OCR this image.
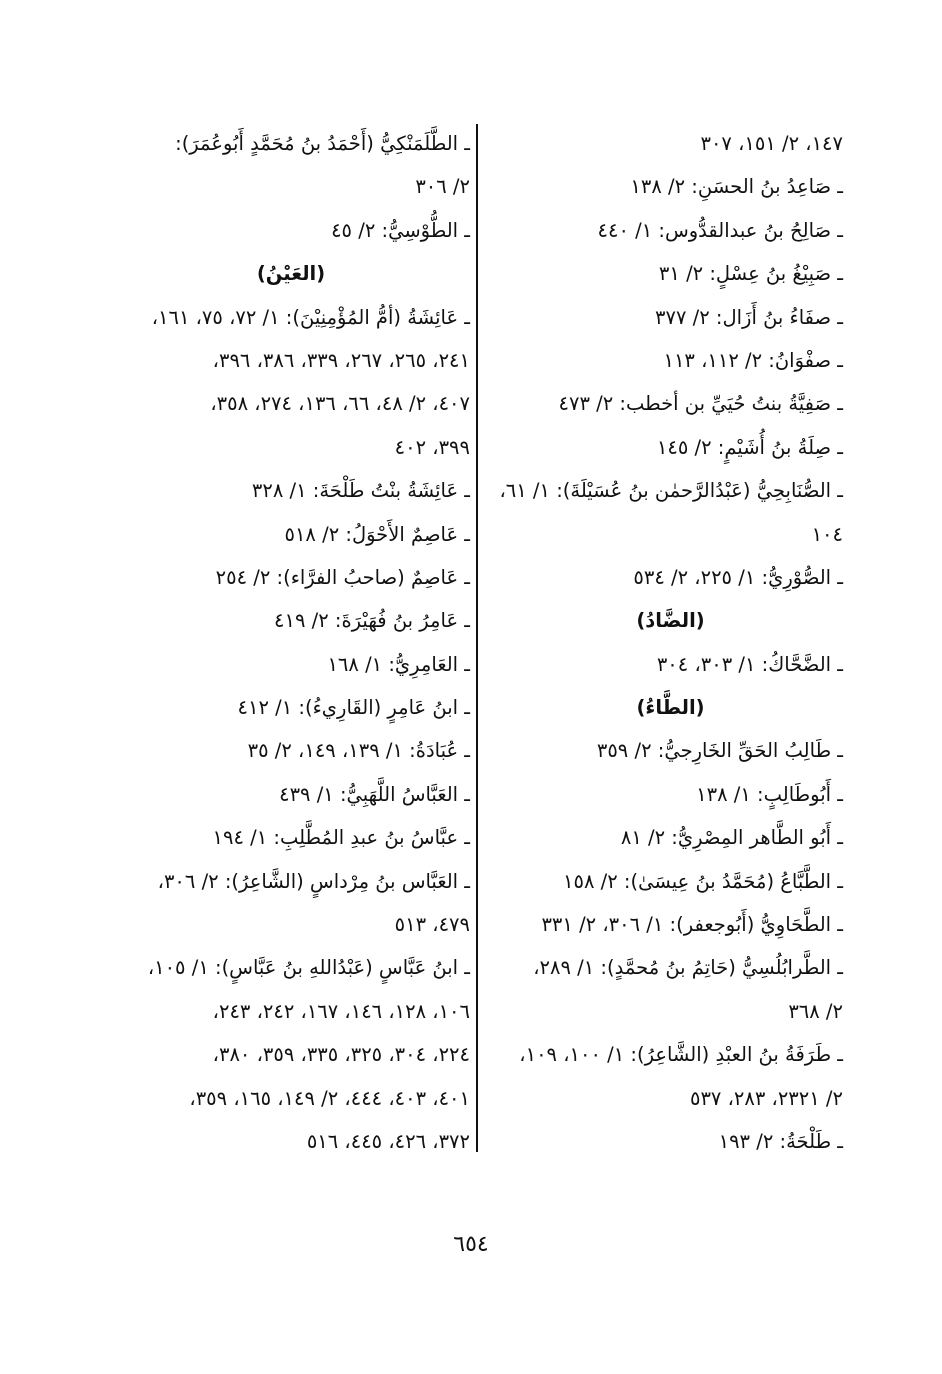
١٤٧، ٢/ ١٥١، ٣٠٧
ـ صَاعِدُ بنُ الحسَنِ: ٢/ ١٣٨
ـ صَالِحُ بنُ عبدالقدُّوس: ١/ ٤٤٠
ـ صَبِيْغُ بنُ عِسْلٍ: ٢/ ٣١
ـ صفَاءُ بنُ أَزَال: ٢/ ٣٧٧
ـ صفْوَانُ: ٢/ ١١٢، ١١٣
ـ صَفِيَّةُ بنتُ حُيَيِّ بن أخطب: ٢/ ٤٧٣
ـ صِلَةُ بنُ أُشَيْمٍ: ٢/ ١٤٥
ـ الصُّنَابِحِيُّ (عَبْدُالرَّحمٰن بنُ عُسَيْلَةَ): ١/ ٦١،
١٠٤
ـ الصُّوْرِيُّ: ١/ ٢٢٥، ٢/ ٥٣٤
(الضَّادُ)
ـ الضَّحَّاكُ: ١/ ٣٠٣، ٣٠٤
(الطَّاءُ)
ـ طَالِبُ الحَقِّ الخَارِجيُّ: ٢/ ٣٥٩
ـ أَبُوطَالِبٍ: ١/ ١٣٨
ـ أَبُو الطَّاهر المِصْرِيُّ: ٢/ ٨١
ـ الطَّبَّاعُ (مُحَمَّدُ بنُ عِيسَىٰ): ٢/ ١٥٨
ـ الطَّحَاوِيُّ (أَبُوجعفر): ١/ ٣٠٦، ٢/ ٣٣١
ـ الطَّرابُلُسِيُّ (حَاتِمُ بنُ مُحمَّدٍ): ١/ ٢٨٩،
٢/ ٣٦٨
ـ طَرَفَةُ بنُ العبْدِ (الشَّاعِرُ): ١/ ١٠٠، ١٠٩،
٢/ ٢٣٢١، ٢٨٣، ٥٣٧
ـ طَلْحَةُ: ٢/ ١٩٣
ـ الطَّلَمَنْكِيُّ (أَحْمَدُ بنُ مُحَمَّدٍ أَبُوعُمَرَ):
٢/ ٣٠٦
ـ الطُّوْسِيُّ: ٢/ ٤٥
(العَيْنُ)
ـ عَائِشَةُ (أمُّ المُؤْمِنِيْنَ): ١/ ٧٢، ٧٥، ١٦١،
٢٤١، ٢٦٥، ٢٦٧، ٣٣٩، ٣٨٦، ٣٩٦،
٤٠٧، ٢/ ٤٨، ٦٦، ١٣٦، ٢٧٤، ٣٥٨،
٣٩٩، ٤٠٢
ـ عَائِشَةُ بنْتُ طَلْحَةَ: ١/ ٣٢٨
ـ عَاصِمٌ الأَحْوَلُ: ٢/ ٥١٨
ـ عَاصِمٌ (صاحبُ الفرَّاء): ٢/ ٢٥٤
ـ عَامِرُ بنُ فُهَيْرَةَ: ٢/ ٤١٩
ـ العَامِرِيُّ: ١/ ١٦٨
ـ ابنُ عَامِرٍ (القَارِيءُ): ١/ ٤١٢
ـ عُبَادَةُ: ١/ ١٣٩، ١٤٩، ٢/ ٣٥
ـ العَبَّاسُ اللَّهَبِيُّ: ١/ ٤٣٩
ـ عبَّاسُ بنُ عبدِ المُطَّلِبِ: ١/ ١٩٤
ـ العَبَّاس بنُ مِرْداسٍ (الشَّاعِرُ): ٢/ ٣٠٦،
٤٧٩، ٥١٣
ـ ابنُ عَبَّاسٍ (عَبْدُاللهِ بنُ عَبَّاسٍ): ١/ ١٠٥،
١٠٦، ١٢٨، ١٤٦، ١٦٧، ٢٤٢، ٢٤٣،
٢٢٤، ٣٠٤، ٣٢٥، ٣٣٥، ٣٥٩، ٣٨٠،
٤٠١، ٤٠٣، ٤٤٤، ٢/ ١٤٩، ١٦٥، ٣٥٩،
٣٧٢، ٤٢٦، ٤٤٥، ٥١٦
٦٥٤
